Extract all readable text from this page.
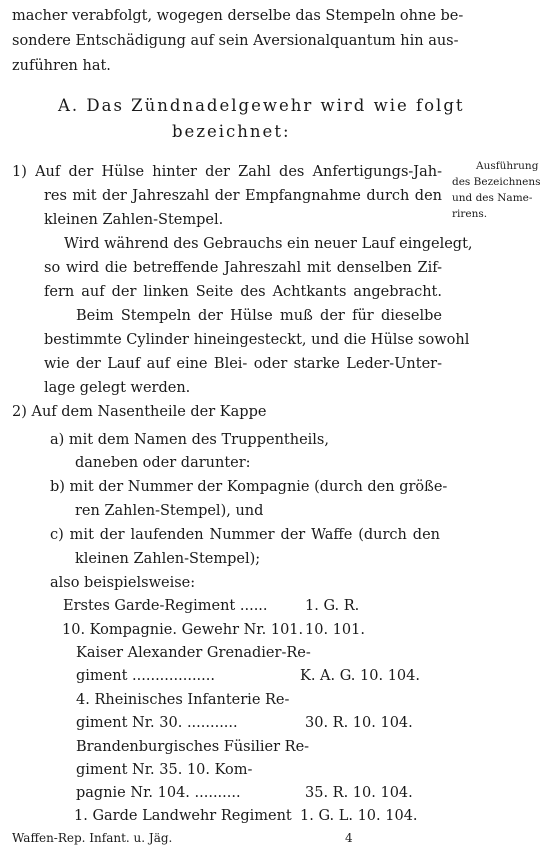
macher verabfolgt, wogegen derselbe das Stempeln ohne be-
sondere Entschädigung auf sein Aversionalquantum hin aus-
zuführen hat.
A. Das Zündnadelgewehr wird wie folgt
bezeichnet:
1) Auf der Hülse hinter der Zahl des Anfertigungs-Jah-
res mit der Jahreszahl der Empfangnahme durch den
kleinen Zahlen-Stempel.
Wird während des Gebrauchs ein neuer Lauf eingelegt,
so wird die betreffende Jahreszahl mit denselben Zif-
fern auf der linken Seite des Achtkants angebracht.
Beim Stempeln der Hülse muß der für dieselbe
bestimmte Cylinder hineingesteckt, und die Hülse sowohl
wie der Lauf auf eine Blei- oder starke Leder-Unter-
lage gelegt werden.
Ausführung
des Bezeichnens
und des Name-
rirens.
2) Auf dem Nasentheile der Kappe
a) mit dem Namen des Truppentheils,
daneben oder darunter:
b) mit der Nummer der Kompagnie (durch den größe-
ren Zahlen-Stempel), und
c) mit der laufenden Nummer der Waffe (durch den
kleinen Zahlen-Stempel);
also beispielsweise:
Erstes Garde-Regiment ......	1. G. R.
10. Kompagnie. Gewehr Nr. 101. 10. 101.
Kaiser Alexander Grenadier-Re-
giment ..................	K. A. G. 10. 104.
4. Rheinisches Infanterie Re-
giment Nr. 30. ...........	30. R. 10. 104.
Brandenburgisches Füsilier Re-
giment Nr. 35. 10. Kom-
pagnie Nr. 104. ..........	35. R. 10. 104.
1. Garde Landwehr Regiment 1. G. L. 10. 104.
Waffen-Rep. Infant. u. Jäg.	4
